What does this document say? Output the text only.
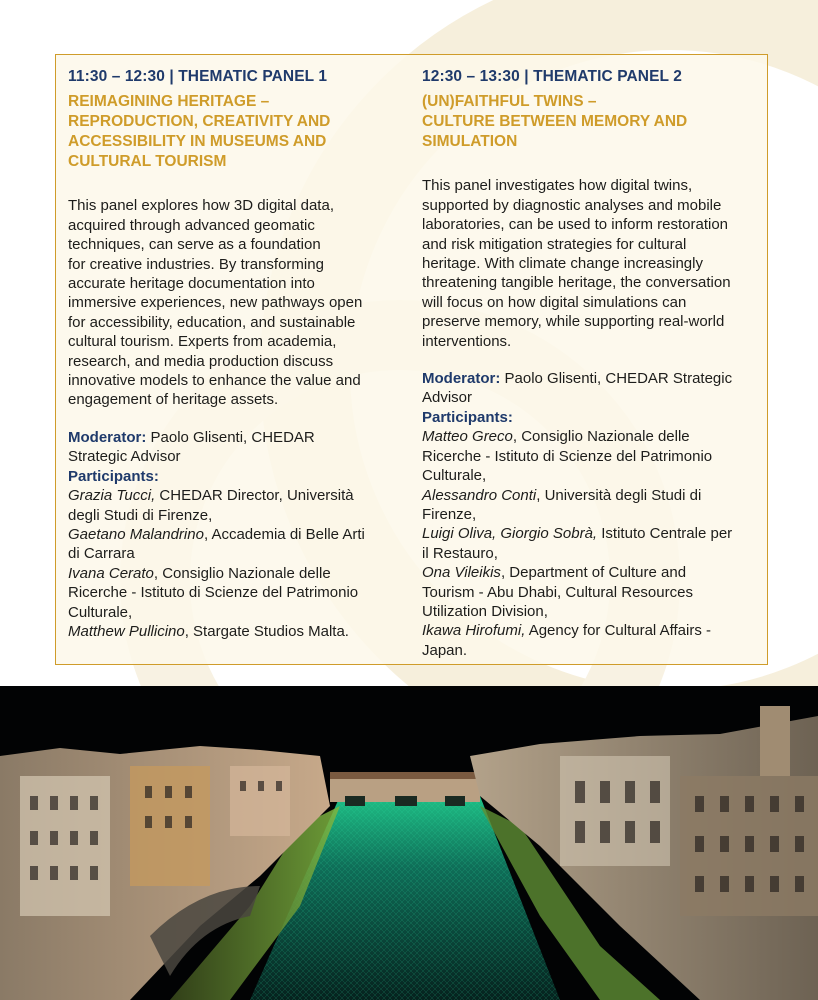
11:30 – 12:30 | THEMATIC PANEL 1

REIMAGINING HERITAGE –
REPRODUCTION, CREATIVITY AND
ACCESSIBILITY IN MUSEUMS AND
CULTURAL TOURISM

This panel explores how 3D digital data,
acquired through advanced geomatic
techniques, can serve as a foundation
for creative industries. By transforming
accurate heritage documentation into
immersive experiences, new pathways open
for accessibility, education, and sustainable
cultural tourism. Experts from academia,
research, and media production discuss
innovative models to enhance the value and
engagement of heritage assets.

Moderator: Paolo Glisenti, CHEDAR
Strategic Advisor

Participants:

Grazia Tucci, CHEDAR Director, Università
degli Studi di Firenze,

Gaetano Malandrino, Accademia di Belle Arti
di Carrara

Ivana Cerato, Consiglio Nazionale delle
Ricerche - Istituto di Scienze del Patrimonio
Culturale,

Matthew Pullicino, Stargate Studios Malta.

12:30 – 13:30 | THEMATIC PANEL 2

(UN)FAITHFUL TWINS –
CULTURE BETWEEN MEMORY AND
SIMULATION

This panel investigates how digital twins,
supported by diagnostic analyses and mobile
laboratories, can be used to inform restoration
and risk mitigation strategies for cultural
heritage. With climate change increasingly
threatening tangible heritage, the conversation
will focus on how digital simulations can
preserve memory, while supporting real-world
interventions.

Moderator: Paolo Glisenti, CHEDAR Strategic
Advisor

Participants:

Matteo Greco, Consiglio Nazionale delle
Ricerche - Istituto di Scienze del Patrimonio
Culturale,

Alessandro Conti, Università degli Studi di
Firenze,

Luigi Oliva, Giorgio Sobrà, Istituto Centrale per
il Restauro,

Ona Vileikis, Department of Culture and
Tourism - Abu Dhabi, Cultural Resources
Utilization Division,

Ikawa Hirofumi, Agency for Cultural Affairs -
Japan.
